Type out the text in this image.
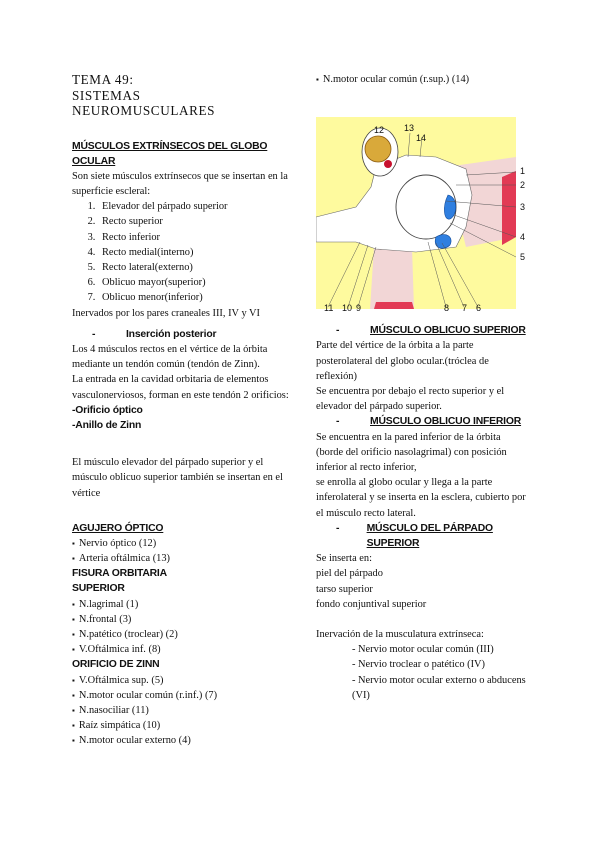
TEMA 49:
SISTEMAS
NEUROMUSCULARES
MÚSCULOS EXTRÍNSECOS DEL GLOBO OCULAR

Son siete músculos extrínsecos que se insertan en la superficie escleral:

1. Elevador del párpado superior
2. Recto superior
3. Recto inferior
4. Recto medial(interno)
5. Recto lateral(externo)
6. Oblicuo mayor(superior)
7. Oblicuo menor(inferior)

Inervados por los pares craneales III, IV y VI

-	Inserción posterior

Los 4 músculos rectos en el vértice de la órbita mediante un tendón común (tendón de Zinn).

La entrada en la cavidad orbitaria de elementos vasculonerviosos, forman en este tendón 2 orificios:

-Orificio óptico

-Anillo de Zinn

El músculo elevador del párpado superior y el músculo oblicuo superior también se insertan en el vértice

AGUJERO ÓPTICO
▪ Nervio óptico (12)
▪ Arteria oftálmica (13)
FISURA ORBITARIA
SUPERIOR
▪ N.lagrimal (1)
▪ N.frontal (3)
▪ N.patético (troclear) (2)
▪ V.Oftálmica inf. (8)
ORIFICIO DE ZINN
▪ V.Oftálmica sup. (5)
▪ N.motor ocular común (r.inf.) (7)
▪ N.nasociliar (11)
▪ Raíz simpática (10)
▪ N.motor ocular externo (4)
▪ N.motor ocular común (r.sup.) (14)
1
2
3
4
5
6
7
8
9
10
11
12 13
14
-	MÚSCULO OBLICUO SUPERIOR

Parte del vértice de la órbita a la parte posterolateral del globo ocular.(tróclea de reflexión)

Se encuentra por debajo el recto superior y el elevador del párpado superior.

-	MÚSCULO OBLICUO INFERIOR

Se encuentra en la pared inferior de la órbita (borde del orificio nasolagrimal) con posición inferior al recto inferior,

se enrolla al globo ocular y llega a la parte inferolateral y se inserta en la esclera, cubierto por el músculo recto lateral.

-	MÚSCULO DEL PÁRPADO SUPERIOR

Se inserta en:

piel del párpado

tarso superior

fondo conjuntival superior

Inervación de la musculatura extrínseca:

- Nervio motor ocular común (III)
- Nervio troclear o patético (IV)
- Nervio motor ocular externo o abducens (VI)
